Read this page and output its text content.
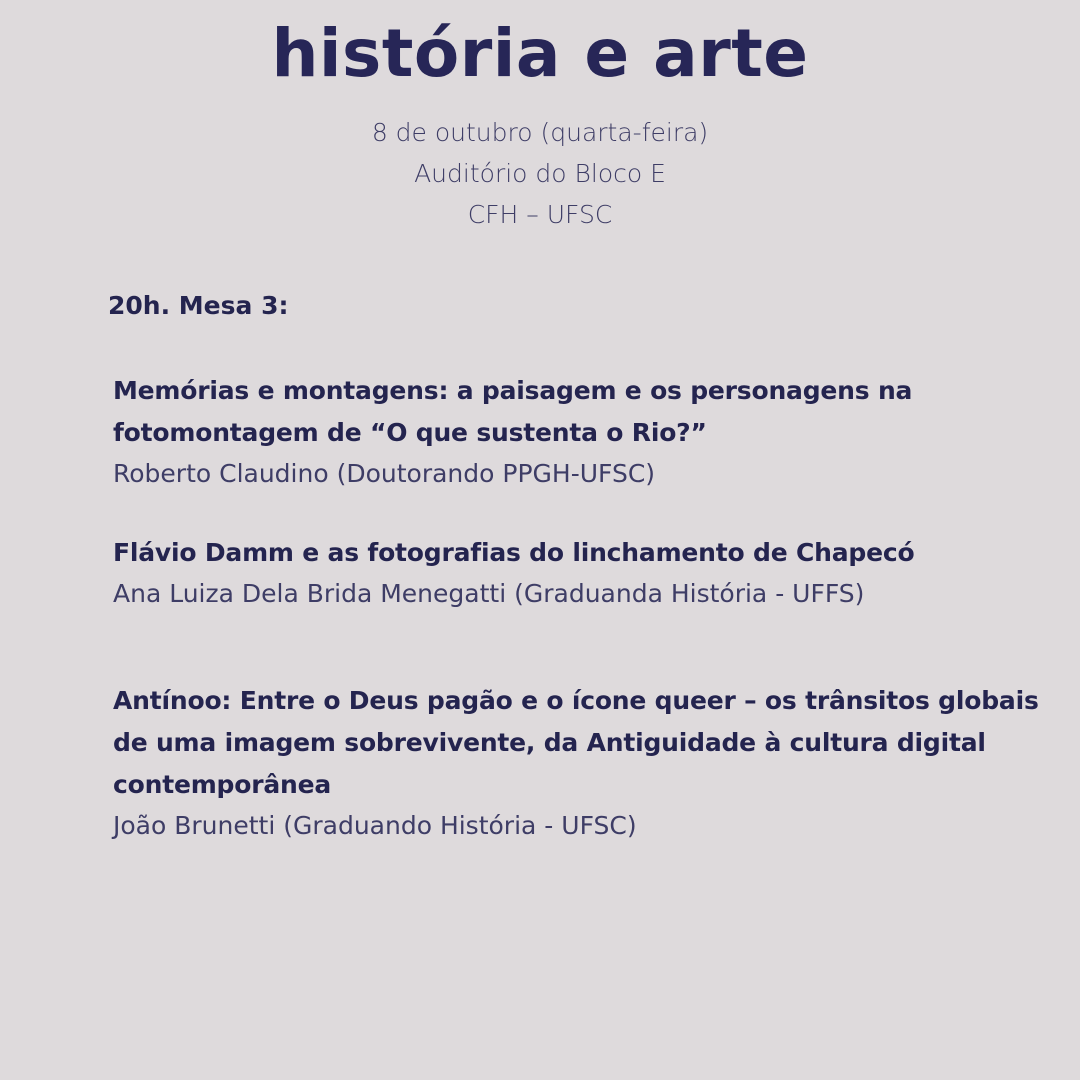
história e arte
8 de outubro (quarta-feira)
Auditório do Bloco E
CFH – UFSC
20h. Mesa 3:
Memórias e montagens: a paisagem e os personagens na
fotomontagem de “O que sustenta o Rio?”
Roberto Claudino (Doutorando PPGH-UFSC)
Flávio Damm e as fotografias do linchamento de Chapecó
Ana Luiza Dela Brida Menegatti (Graduanda História - UFFS)
Antínoo: Entre o Deus pagão e o ícone queer – os trânsitos globais
de uma imagem sobrevivente, da Antiguidade à cultura digital
contemporânea
João Brunetti (Graduando História - UFSC)
